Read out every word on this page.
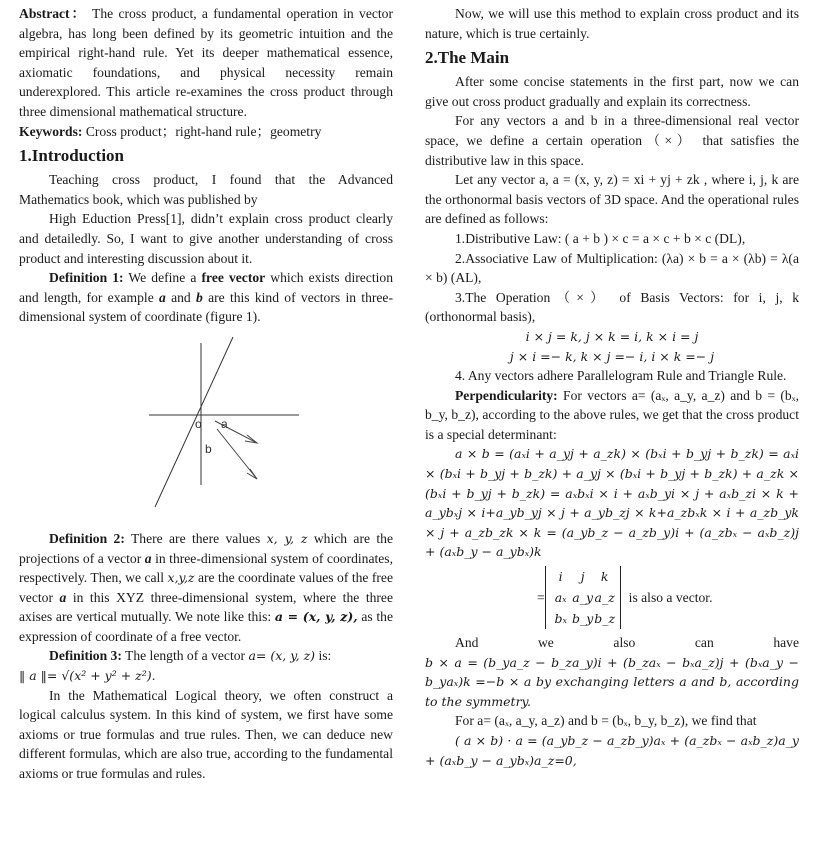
Abstract： The cross product, a fundamental operation in vector algebra, has long been defined by its geometric intuition and the empirical right-hand rule. Yet its deeper mathematical essence, axiomatic foundations, and physical necessity remain underexplored. This article re-examines the cross product through three dimensional mathematical structure.

Keywords: Cross product；right-hand rule；geometry

1.Introduction

Teaching cross product, I found that the Advanced Mathematics book, which was published by

High Eduction Press[1], didn’t explain cross product clearly and detailedly. So, I want to give another understanding of cross product and interesting discussion about it.

Definition 1: We define a free vector which exists direction and length, for example a and b are this kind of vectors in three-dimensional system of coordinate (figure 1).

o a
b

Definition 2: There are there values x, y, z which are the projections of a vector a in three-dimensional system of coordinates, respectively. Then, we call x,y,z are the coordinate values of the free vector a in this XYZ three-dimensional system, where the three axises are vertical mutually. We note like this: a = (x, y, z), as the expression of coordinate of a free vector.

Definition 3: The length of a vector a= (x, y, z) is:

‖ a ‖= √(x² + y² + z²).

In the Mathematical Logical theory, we often construct a logical calculus system. In this kind of system, we first have some axioms or true formulas and true rules. Then, we can deduce new different formulas, which are also true, according to the fundamental axioms or true formulas and rules.

Now, we will use this method to explain cross product and its nature, which is true certainly.

2.The Main

After some concise statements in the first part, now we can give out cross product gradually and explain its correctness.

For any vectors a and b in a three-dimensional real vector space, we define a certain operation（×） that satisfies the distributive law in this space.

Let any vector a, a = (x, y, z) = xi + yj + zk , where i, j, k are the orthonormal basis vectors of 3D space. And the operational rules are defined as follows:

1.Distributive Law: ( a + b ) × c = a × c + b × c (DL),

2.Associative Law of Multiplication: (λa) × b = a × (λb) = λ(a × b) (AL),

3.The Operation（×） of Basis Vectors: for i, j, k (orthonormal basis),

i × j = k, j × k = i, k × i = j

j × i =− k, k × j =− i, i × k =− j

4. Any vectors adhere Parallelogram Rule and Triangle Rule.

Perpendicularity: For vectors a= (aₓ, a_y, a_z) and b = (bₓ, b_y, b_z), according to the above rules, we get that the cross product is a special determinant:

a × b = (aₓi + a_yj + a_zk) × (bₓi + b_yj + b_zk) = aₓi × (bₓi + b_yj + b_zk) + a_yj × (bₓi + b_yj + b_zk) + a_zk × (bₓi + b_yj + b_zk) = aₓbₓi × i + aₓb_yi × j + aₓb_zi × k + a_ybₓj × i+a_yb_yj × j + a_yb_zj × k+a_zbₓk × i + a_zb_yk × j + a_zb_zk × k = (a_yb_z − a_zb_y)i + (a_zbₓ − aₓb_z)j + (aₓb_y − a_ybₓ)k

=
i	j	k
aₓ a_y a_z
bₓ b_y b_z
is also a vector.
And	we	also	can	have

b × a = (b_ya_z − b_za_y)i + (b_zaₓ − bₓa_z)j + (bₓa_y − b_yaₓ)k =−b × a by exchanging letters a and b, according to the symmetry.

For a= (aₓ, a_y, a_z) and b = (bₓ, b_y, b_z), we find that

( a × b) · a = (a_yb_z − a_zb_y)aₓ + (a_zbₓ − aₓb_z)a_y + (aₓb_y − a_ybₓ)a_z=0,
